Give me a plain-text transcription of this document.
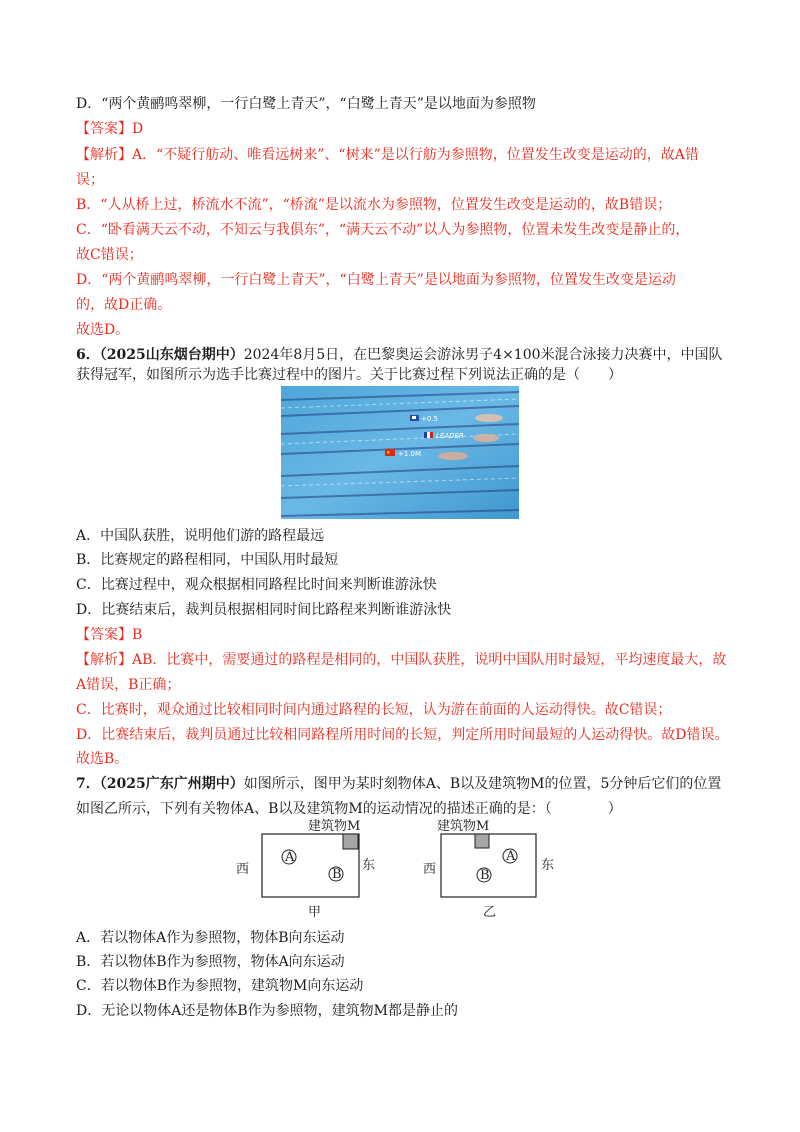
D．“两个黄鹂鸣翠柳，一行白鹭上青天”，“白鹭上青天”是以地面为参照物
【答案】D
【解析】A．“不疑行舫动、唯看远树来”、“树来”是以行舫为参照物，位置发生改变是运动的，故A错
误；
B．“人从桥上过，桥流水不流”，“桥流”是以流水为参照物，位置发生改变是运动的，故B错误；
C．“卧看满天云不动，不知云与我俱东”，“满天云不动”以人为参照物，位置未发生改变是静止的，
故C错误；
D．“两个黄鹂鸣翠柳，一行白鹭上青天”，“白鹭上青天”是以地面为参照物，位置发生改变是运动
的，故D正确。
故选D。
6．（2025山东烟台期中）2024年8月5日，在巴黎奥运会游泳男子4×100米混合泳接力决赛中，中国队
获得冠军，如图所示为选手比赛过程中的图片。关于比赛过程下列说法正确的是（　　）
+0.5
LEADER
★ +1.0M
A．中国队获胜，说明他们游的路程最远
B．比赛规定的路程相同，中国队用时最短
C．比赛过程中，观众根据相同路程比时间来判断谁游泳快
D．比赛结束后，裁判员根据相同时间比路程来判断谁游泳快
【答案】B
【解析】AB．比赛中，需要通过的路程是相同的，中国队获胜，说明中国队用时最短，平均速度最大，故
A错误，B正确；
C．比赛时，观众通过比较相同时间内通过路程的长短，认为游在前面的人运动得快。故C错误；
D．比赛结束后，裁判员通过比较相同路程所用时间的长短，判定所用时间最短的人运动得快。故D错误。
故选B。
7．（2025广东广州期中）如图所示，图甲为某时刻物体A、B以及建筑物M的位置，5分钟后它们的位置
如图乙所示，下列有关物体A、B以及建筑物M的运动情况的描述正确的是：（　　　　）
建筑物M
西	东
A
B
甲
建筑物M
西	东
A
B
乙
A．若以物体A作为参照物，物体B向东运动
B．若以物体B作为参照物，物体A向东运动
C．若以物体B作为参照物，建筑物M向东运动
D．无论以物体A还是物体B作为参照物，建筑物M都是静止的
